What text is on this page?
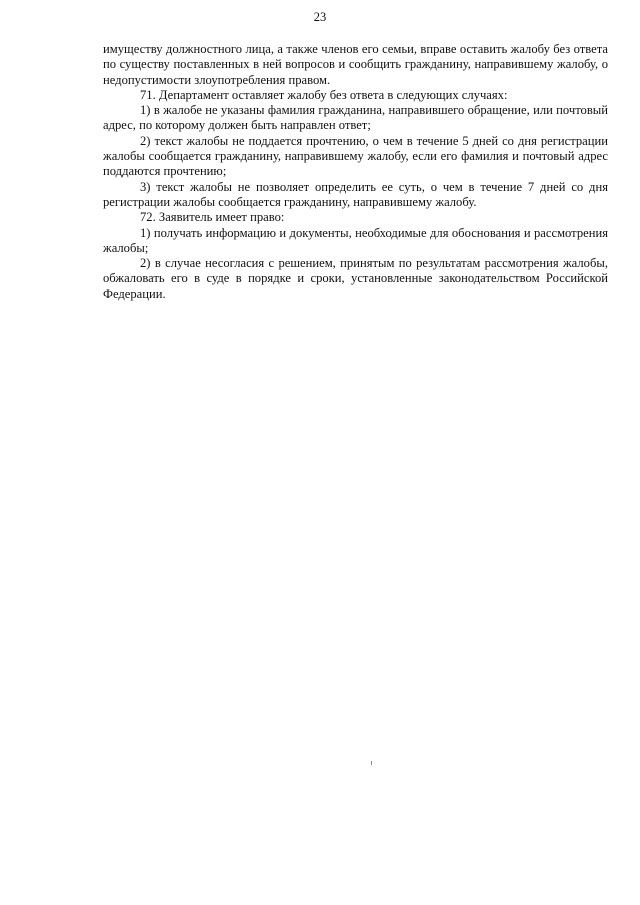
23

имуществу должностного лица, а также членов его семьи, вправе оставить жалобу без ответа по существу поставленных в ней вопросов и сообщить гражданину, направившему жалобу, о недопустимости злоупотребления правом.

71. Департамент оставляет жалобу без ответа в следующих случаях:

1) в жалобе не указаны фамилия гражданина, направившего обращение, или почтовый адрес, по которому должен быть направлен ответ;

2) текст жалобы не поддается прочтению, о чем в течение 5 дней со дня регистрации жалобы сообщается гражданину, направившему жалобу, если его фамилия и почтовый адрес поддаются прочтению;

3) текст жалобы не позволяет определить ее суть, о чем в течение 7 дней со дня регистрации жалобы сообщается гражданину, направившему жалобу.

72. Заявитель имеет право:

1) получать информацию и документы, необходимые для обоснования и рассмотрения жалобы;

2) в случае несогласия с решением, принятым по результатам рассмотрения жалобы, обжаловать его в суде в порядке и сроки, установленные законодательством Российской Федерации.
